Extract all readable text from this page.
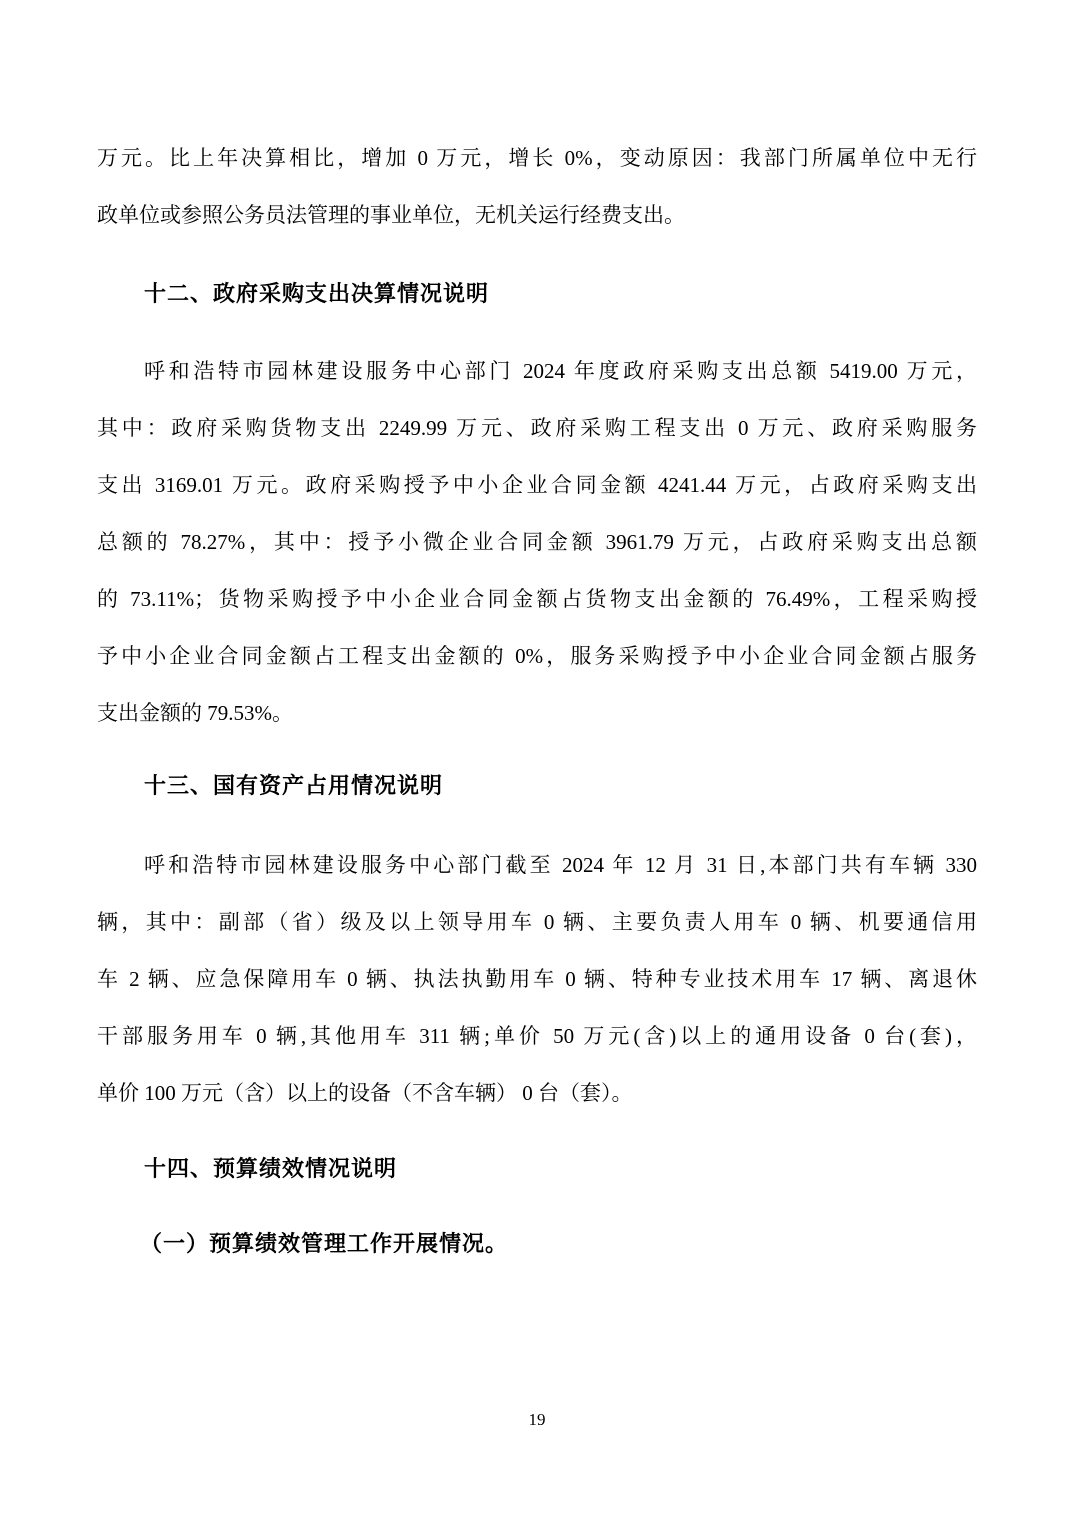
万元。比上年决算相比，增加 0 万元，增长 0%，变动原因：我部门所属单位中无行
政单位或参照公务员法管理的事业单位，无机关运行经费支出。
十二、政府采购支出决算情况说明
呼和浩特市园林建设服务中心部门 2024 年度政府采购支出总额 5419.00 万元，
其中：政府采购货物支出 2249.99 万元、政府采购工程支出 0 万元、政府采购服务
支出 3169.01 万元。政府采购授予中小企业合同金额 4241.44 万元，占政府采购支出
总额的 78.27%，其中：授予小微企业合同金额 3961.79 万元，占政府采购支出总额
的 73.11%；货物采购授予中小企业合同金额占货物支出金额的 76.49%，工程采购授
予中小企业合同金额占工程支出金额的 0%，服务采购授予中小企业合同金额占服务
支出金额的 79.53%。
十三、国有资产占用情况说明
呼和浩特市园林建设服务中心部门截至 2024 年 12 月 31 日,本部门共有车辆 330
辆，其中：副部（省）级及以上领导用车 0 辆、主要负责人用车 0 辆、机要通信用
车 2 辆、应急保障用车 0 辆、执法执勤用车 0 辆、特种专业技术用车 17 辆、离退休
干部服务用车 0 辆,其他用车 311 辆;单价 50 万元(含)以上的通用设备 0 台(套)，
单价 100 万元（含）以上的设备（不含车辆） 0 台（套）。
十四、预算绩效情况说明
（一）预算绩效管理工作开展情况。
19
